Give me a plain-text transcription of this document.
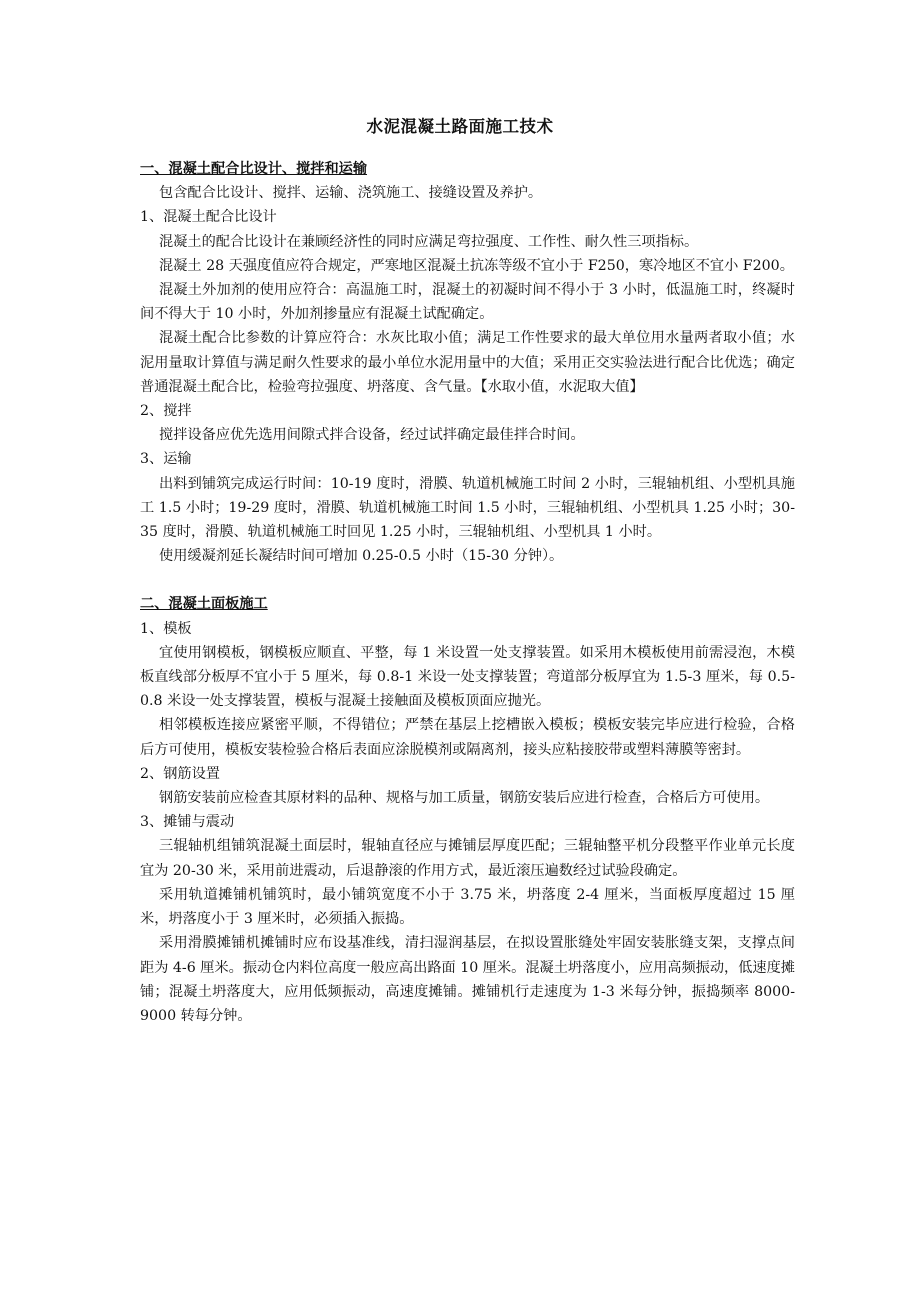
水泥混凝土路面施工技术
一、混凝土配合比设计、搅拌和运输
包含配合比设计、搅拌、运输、浇筑施工、接缝设置及养护。
1、混凝土配合比设计
混凝土的配合比设计在兼顾经济性的同时应满足弯拉强度、工作性、耐久性三项指标。
混凝土 28 天强度值应符合规定，严寒地区混凝土抗冻等级不宜小于 F250，寒冷地区不宜小 F200。
混凝土外加剂的使用应符合：高温施工时，混凝土的初凝时间不得小于 3 小时，低温施工时，终凝时间不得大于 10 小时，外加剂掺量应有混凝土试配确定。
混凝土配合比参数的计算应符合：水灰比取小值；满足工作性要求的最大单位用水量两者取小值；水泥用量取计算值与满足耐久性要求的最小单位水泥用量中的大值；采用正交实验法进行配合比优选；确定普通混凝土配合比，检验弯拉强度、坍落度、含气量。【水取小值，水泥取大值】
2、搅拌
搅拌设备应优先选用间隙式拌合设备，经过试拌确定最佳拌合时间。
3、运输
出料到铺筑完成运行时间：10-19 度时，滑膜、轨道机械施工时间 2 小时，三辊轴机组、小型机具施工 1.5 小时；19-29 度时，滑膜、轨道机械施工时间 1.5 小时，三辊轴机组、小型机具 1.25 小时；30-35 度时，滑膜、轨道机械施工时回见 1.25 小时，三辊轴机组、小型机具 1 小时。
使用缓凝剂延长凝结时间可增加 0.25-0.5 小时（15-30 分钟）。
二、混凝土面板施工
1、模板
宜使用钢模板，钢模板应顺直、平整，每 1 米设置一处支撑装置。如采用木模板使用前需浸泡，木模板直线部分板厚不宜小于 5 厘米，每 0.8-1 米设一处支撑装置；弯道部分板厚宜为 1.5-3 厘米，每 0.5-0.8 米设一处支撑装置，模板与混凝土接触面及模板顶面应抛光。
相邻模板连接应紧密平顺，不得错位；严禁在基层上挖槽嵌入模板；模板安装完毕应进行检验，合格后方可使用，模板安装检验合格后表面应涂脱模剂或隔离剂，接头应粘接胶带或塑料薄膜等密封。
2、钢筋设置
钢筋安装前应检查其原材料的品种、规格与加工质量，钢筋安装后应进行检查，合格后方可使用。
3、摊铺与震动
三辊轴机组铺筑混凝土面层时，辊轴直径应与摊铺层厚度匹配；三辊轴整平机分段整平作业单元长度宜为 20-30 米，采用前进震动，后退静滚的作用方式，最近滚压遍数经过试验段确定。
采用轨道摊铺机铺筑时，最小铺筑宽度不小于 3.75 米，坍落度 2-4 厘米，当面板厚度超过 15 厘米，坍落度小于 3 厘米时，必须插入振捣。
采用滑膜摊铺机摊铺时应布设基准线，清扫湿润基层，在拟设置胀缝处牢固安装胀缝支架，支撑点间距为 4-6 厘米。振动仓内料位高度一般应高出路面 10 厘米。混凝土坍落度小，应用高频振动，低速度摊铺；混凝土坍落度大，应用低频振动，高速度摊铺。摊铺机行走速度为 1-3 米每分钟，振捣频率 8000-9000 转每分钟。
